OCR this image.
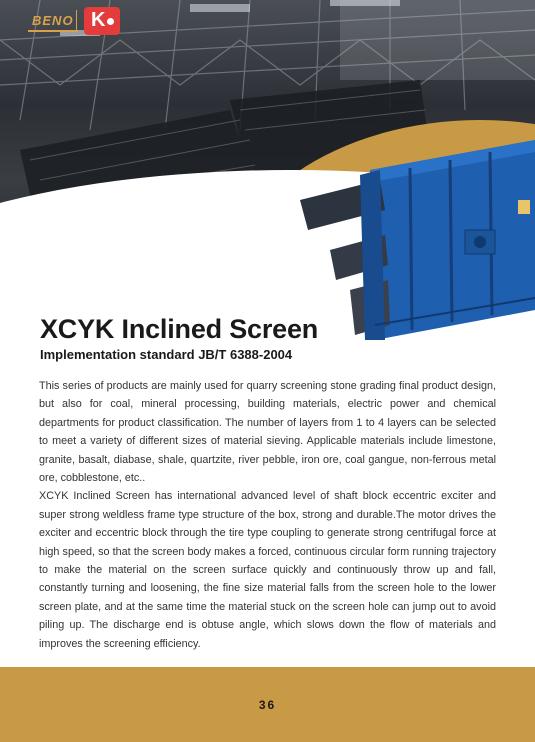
BENO K
XCYK Inclined Screen
Implementation standard JB/T 6388-2004

This series of products are mainly used for quarry screening stone grading final product design, but also for coal, mineral processing, building materials, electric power and chemical departments for product classification. The number of layers from 1 to 4 layers can be selected to meet a variety of different sizes of material sieving. Applicable materials include limestone, granite, basalt, diabase, shale, quartzite, river pebble, iron ore, coal gangue, non-ferrous metal ore, cobblestone, etc..

XCYK Inclined Screen has international advanced level of shaft block eccentric exciter and super strong weldless frame type structure of the box, strong and durable.The motor drives the exciter and eccentric block through the tire type coupling to generate strong centrifugal force at high speed, so that the screen body makes a forced, continuous circular form running trajectory to make the material on the screen surface quickly and continuously throw up and fall, constantly turning and loosening, the fine size material falls from the screen hole to the lower screen plate, and at the same time the material stuck on the screen hole can jump out to avoid piling up. The discharge end is obtuse angle, which slows down the flow of materials and improves the screening efficiency.

36
